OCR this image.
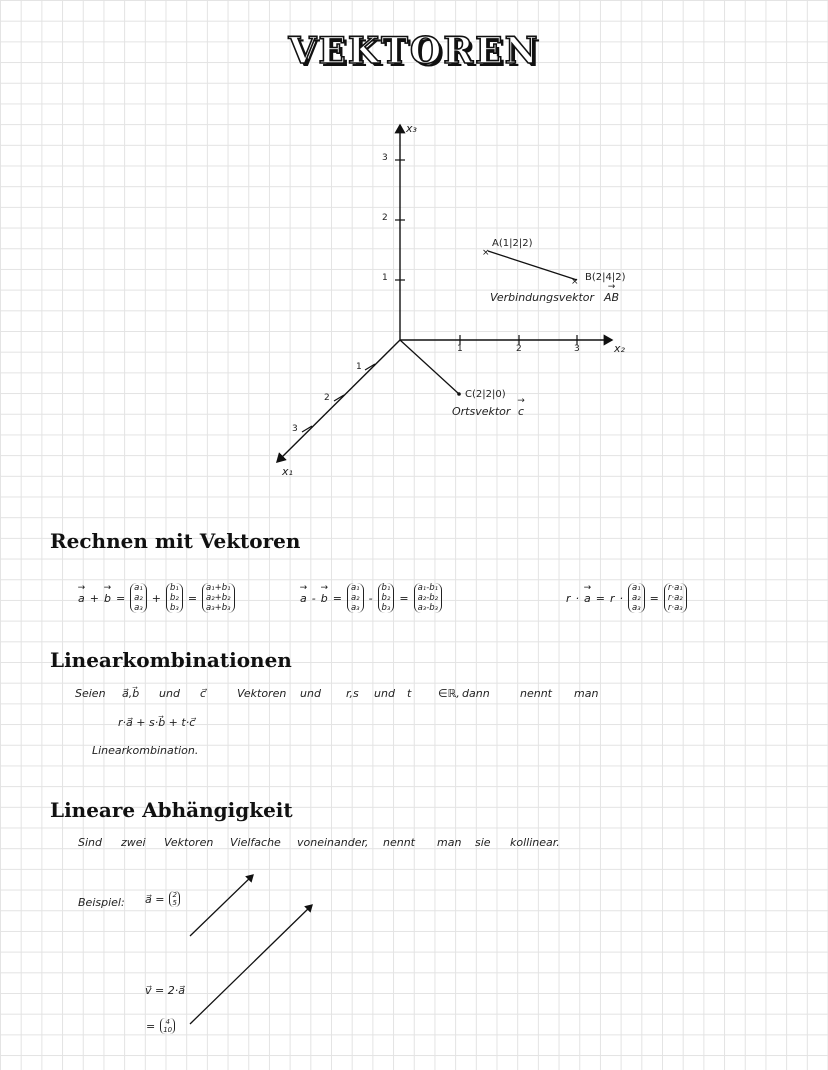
VEKTOREN
×
×
x₃
x₂
x₁
1
2
3
1	2	3
1
2
3
A(1|2|2)
B(2|4|2)
Verbindungsvektor → AB
C(2|2|0)
Ortsvektor → c
Rechnen mit Vektoren
→ a + → b =
a₁
a₂
a₃
+
b₁
b₂
b₃
=
a₁+b₁
a₂+b₂
a₃+b₃
→ a - → b =
a₁
a₂
a₃
-
b₁
b₂
b₃
=
a₁-b₁
a₂-b₂
a₃-b₃
r · → a = r ·
a₁
a₂
a₃
=
r·a₁
r·a₂
r·a₃
Linearkombinationen
Seien a⃗,b⃗ und c⃗	Vektoren und r,s und t ∈ℝ, dann	nennt man
r·a⃗ + s·b⃗ + t·c⃗
Linearkombination.
Lineare Abhängigkeit
Sind zwei Vektoren Vielfache voneinander, nennt man sie kollinear.
Beispiel: a⃗ = 2
5
v⃗ = 2·a⃗
= 4
10
